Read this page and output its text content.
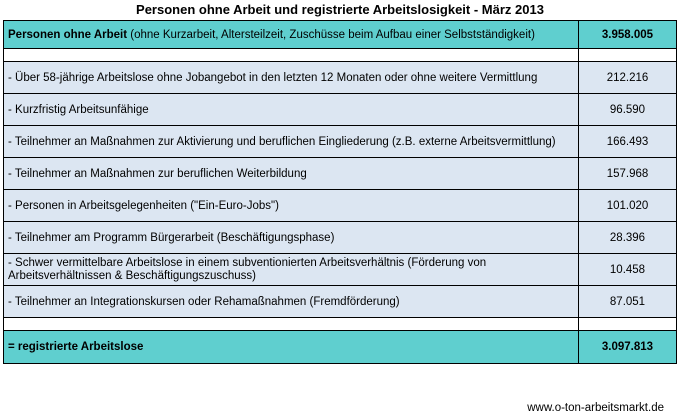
Personen ohne Arbeit und registrierte Arbeitslosigkeit - März 2013
Personen ohne Arbeit (ohne Kurzarbeit, Altersteilzeit, Zuschüsse beim Aufbau einer Selbstständigkeit)	3.958.005

- Über 58-jährige Arbeitslose ohne Jobangebot in den letzten 12 Monaten oder ohne weitere Vermittlung	212.216
- Kurzfristig Arbeitsunfähige	96.590
- Teilnehmer an Maßnahmen zur Aktivierung und beruflichen Eingliederung (z.B. externe Arbeitsvermittlung)	166.493
- Teilnehmer an Maßnahmen zur beruflichen Weiterbildung	157.968
- Personen in Arbeitsgelegenheiten ("Ein-Euro-Jobs")	101.020
- Teilnehmer am Programm Bürgerarbeit (Beschäftigungsphase)	28.396
- Schwer vermittelbare Arbeitslose in einem subventionierten Arbeitsverhältnis (Förderung von Arbeitsverhältnissen & Beschäftigungszuschuss)	10.458
- Teilnehmer an Integrationskursen oder Rehamaßnahmen (Fremdförderung)	87.051

= registrierte Arbeitslose	3.097.813
www.o-ton-arbeitsmarkt.de
